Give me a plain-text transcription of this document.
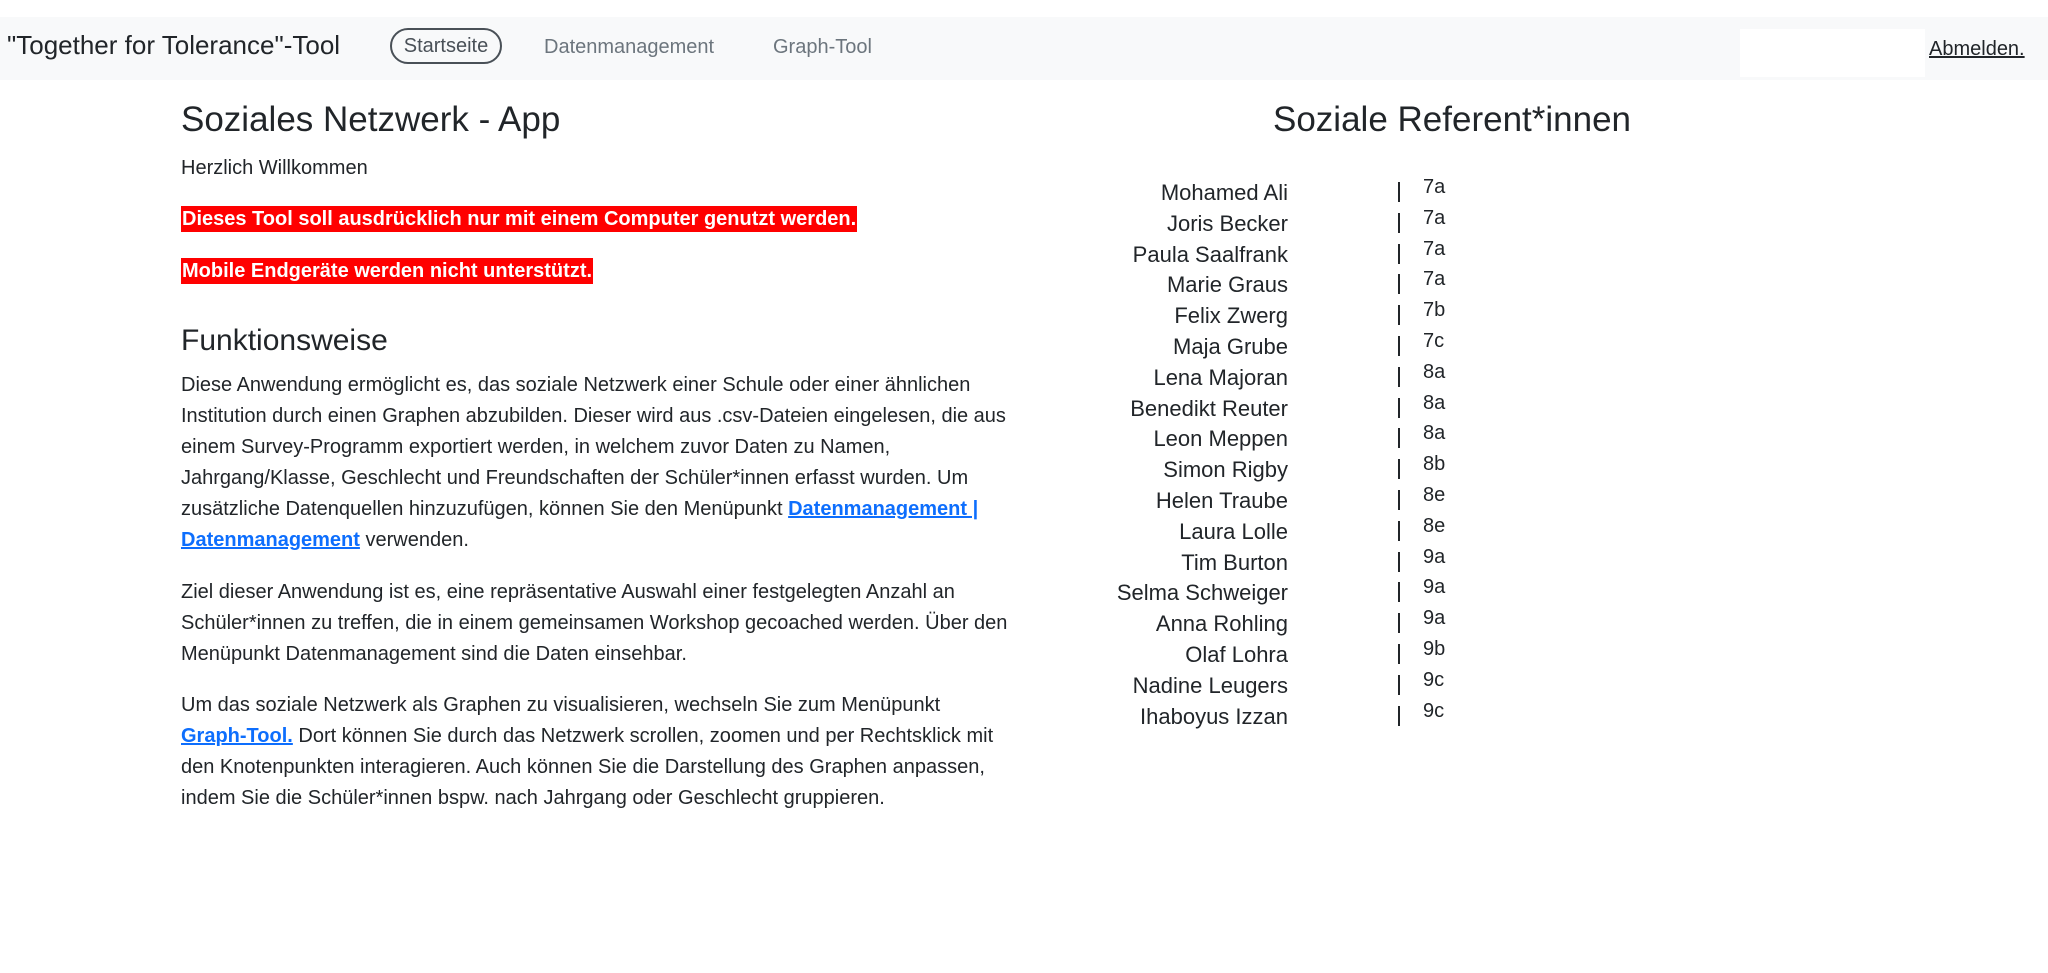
"Together for Tolerance"-Tool	Startseite	Datenmanagement	Graph-Tool	Abmelden.
Soziales Netzwerk - App
Herzlich Willkommen
Dieses Tool soll ausdrücklich nur mit einem Computer genutzt werden.
Mobile Endgeräte werden nicht unterstützt.
Funktionsweise

Diese Anwendung ermöglicht es, das soziale Netzwerk einer Schule oder einer ähnlichen Institution durch einen Graphen abzubilden. Dieser wird aus .csv-Dateien eingelesen, die aus einem Survey-Programm exportiert werden, in welchem zuvor Daten zu Namen, Jahrgang/Klasse, Geschlecht und Freundschaften der Schüler*innen erfasst wurden. Um zusätzliche Datenquellen hinzuzufügen, können Sie den Menüpunkt Datenmanagement | Datenmanagement verwenden.

Ziel dieser Anwendung ist es, eine repräsentative Auswahl einer festgelegten Anzahl an Schüler*innen zu treffen, die in einem gemeinsamen Workshop gecoached werden. Über den Menüpunkt Datenmanagement sind die Daten einsehbar.

Um das soziale Netzwerk als Graphen zu visualisieren, wechseln Sie zum Menüpunkt Graph-Tool. Dort können Sie durch das Netzwerk scrollen, zoomen und per Rechtsklick mit den Knotenpunkten interagieren. Auch können Sie die Darstellung des Graphen anpassen, indem Sie die Schüler*innen bspw. nach Jahrgang oder Geschlecht gruppieren.

Soziale Referent*innen
Mohamed Ali	7a
Joris Becker	7a
Paula Saalfrank	7a
Marie Graus	7a
Felix Zwerg	7b
Maja Grube	7c
Lena Majoran	8a
Benedikt Reuter	8a
Leon Meppen	8a
Simon Rigby	8b
Helen Traube	8e
Laura Lolle	8e
Tim Burton	9a
Selma Schweiger	9a
Anna Rohling	9a
Olaf Lohra	9b
Nadine Leugers	9c
Ihaboyus Izzan	9c
